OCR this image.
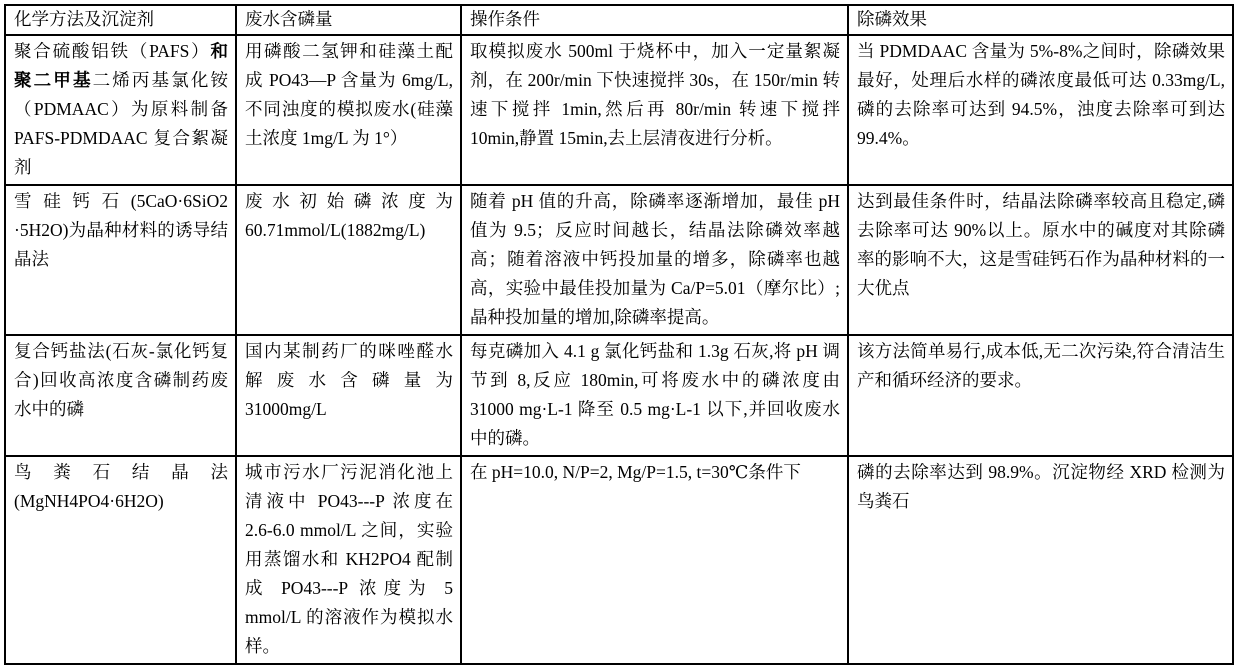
化学方法及沉淀剂	废水含磷量	操作条件	除磷效果
聚合硫酸铝铁（PAFS）和聚二甲基二烯丙基氯化铵（PDMAAC）为原料制备 PAFS-PDMDAAC 复合絮凝剂	用磷酸二氢钾和硅藻土配成 PO43—P 含量为 6mg/L,不同浊度的模拟废水(硅藻土浓度 1mg/L 为 1°）	取模拟废水 500ml 于烧杯中，加入一定量絮凝剂，在 200r/min 下快速搅拌 30s，在 150r/min 转速下搅拌 1min,然后再 80r/min 转速下搅拌 10min,静置 15min,去上层清夜进行分析。	当 PDMDAAC 含量为 5%-8%之间时，除磷效果最好，处理后水样的磷浓度最低可达 0.33mg/L,磷的去除率可达到 94.5%，浊度去除率可到达 99.4%。
雪硅钙石(5CaO·6SiO2 ·5H2O)为晶种材料的诱导结晶法	废水初始磷浓度为 60.71mmol/L(1882mg/L)	随着 pH 值的升高，除磷率逐渐增加，最佳 pH 值为 9.5；反应时间越长，结晶法除磷效率越高；随着溶液中钙投加量的增多，除磷率也越高，实验中最佳投加量为 Ca/P=5.01（摩尔比）;晶种投加量的增加,除磷率提高。	达到最佳条件时，结晶法除磷率较高且稳定,磷去除率可达 90%以上。原水中的碱度对其除磷率的影响不大，这是雪硅钙石作为晶种材料的一大优点
复合钙盐法(石灰-氯化钙复合)回收高浓度含磷制药废水中的磷	国内某制药厂的咪唑醛水解废水含磷量为 31000mg/L	每克磷加入 4.1 g 氯化钙盐和 1.3g 石灰,将 pH 调节到 8,反应 180min,可将废水中的磷浓度由 31000 mg·L-1 降至 0.5 mg·L-1 以下,并回收废水中的磷。	该方法简单易行,成本低,无二次污染,符合清洁生产和循环经济的要求。
鸟粪石结晶法(MgNH4PO4·6H2O)	城市污水厂污泥消化池上清液中 PO43---P 浓度在 2.6-6.0 mmol/L 之间，实验用蒸馏水和 KH2PO4 配制成 PO43---P 浓度为 5 mmol/L 的溶液作为模拟水样。	在 pH=10.0, N/P=2, Mg/P=1.5, t=30℃条件下	磷的去除率达到 98.9%。沉淀物经 XRD 检测为鸟粪石
